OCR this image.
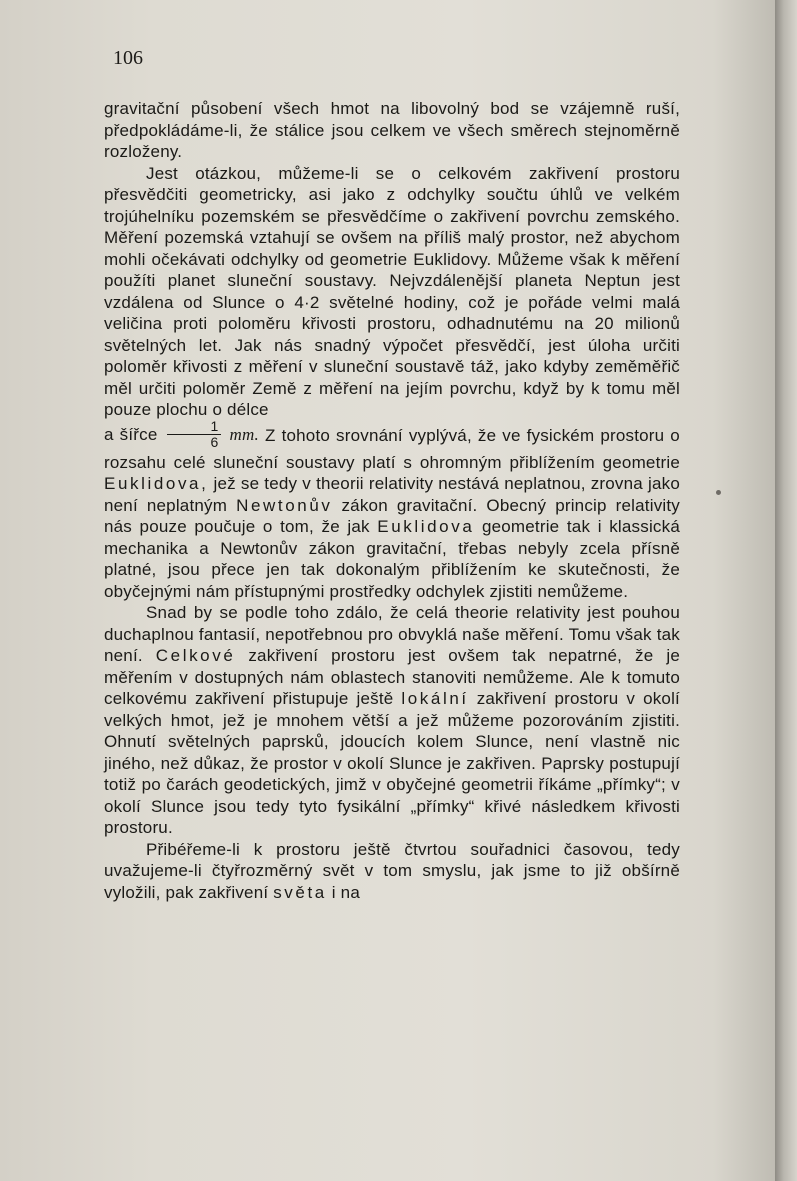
106

gravitační působení všech hmot na libovolný bod se vzájemně ruší, předpokládáme-li, že stálice jsou celkem ve všech směrech stejnoměrně rozloženy.

Jest otázkou, můžeme-li se o celkovém zakřivení prostoru přesvědčiti geometricky, asi jako z odchylky součtu úhlů ve velkém trojúhelníku pozemském se přesvědčíme o zakřivení povrchu zemského. Měření pozemská vztahují se ovšem na příliš malý prostor, než abychom mohli očekávati odchylky od geometrie Euklidovy. Můžeme však k měření použíti planet sluneční soustavy. Nejvzdálenější planeta Neptun jest vzdálena od Slunce o 4·2 světelné hodiny, což je pořáde velmi malá veličina proti poloměru křivosti prostoru, odhadnutému na 20 milionů světelných let. Jak nás snadný výpočet přesvědčí, jest úloha určiti poloměr křivosti z měření v sluneční soustavě táž, jako kdyby zeměměřič měl určiti poloměr Země z měření na jejím povrchu, když by k tomu měl pouze plochu o délce
a šířce $\frac{1}{6}$ mm. Z tohoto srovnání vyplývá, že ve fysickém prostoru o rozsahu celé sluneční soustavy platí s ohromným přiblížením geometrie Euklidova, jež se tedy v theorii relativity nestává neplatnou, zrovna jako není neplatným Newtonův zákon gravitační. Obecný princip relativity nás pouze poučuje o tom, že jak Euklidova geometrie tak i klassická mechanika a Newtonův zákon gravitační, třebas nebyly zcela přísně platné, jsou přece jen tak dokonalým přiblížením ke skutečnosti, že obyčejnými nám přístupnými prostředky odchylek zjistiti nemůžeme.

Snad by se podle toho zdálo, že celá theorie relativity jest pouhou duchaplnou fantasií, nepotřebnou pro obvyklá naše měření. Tomu však tak není. Celkové zakřivení prostoru jest ovšem tak nepatrné, že je měřením v dostupných nám oblastech stanoviti nemůžeme. Ale k tomuto celkovému zakřivení přistupuje ještě lokální zakřivení prostoru v okolí velkých hmot, jež je mnohem větší a jež můžeme pozorováním zjistiti. Ohnutí světelných paprsků, jdoucích kolem Slunce, není vlastně nic jiného, než důkaz, že prostor v okolí Slunce je zakřiven. Paprsky postupují totiž po čarách geodetických, jimž v obyčejné geometrii říkáme „přímky“; v okolí Slunce jsou tedy tyto fysikální „přímky“ křivé následkem křivosti prostoru.

Přibéřeme-li k prostoru ještě čtvrtou souřadnici časovou, tedy uvažujeme-li čtyřrozměrný svět v tom smyslu, jak jsme to již obšírně vyložili, pak zakřivení světa i na
